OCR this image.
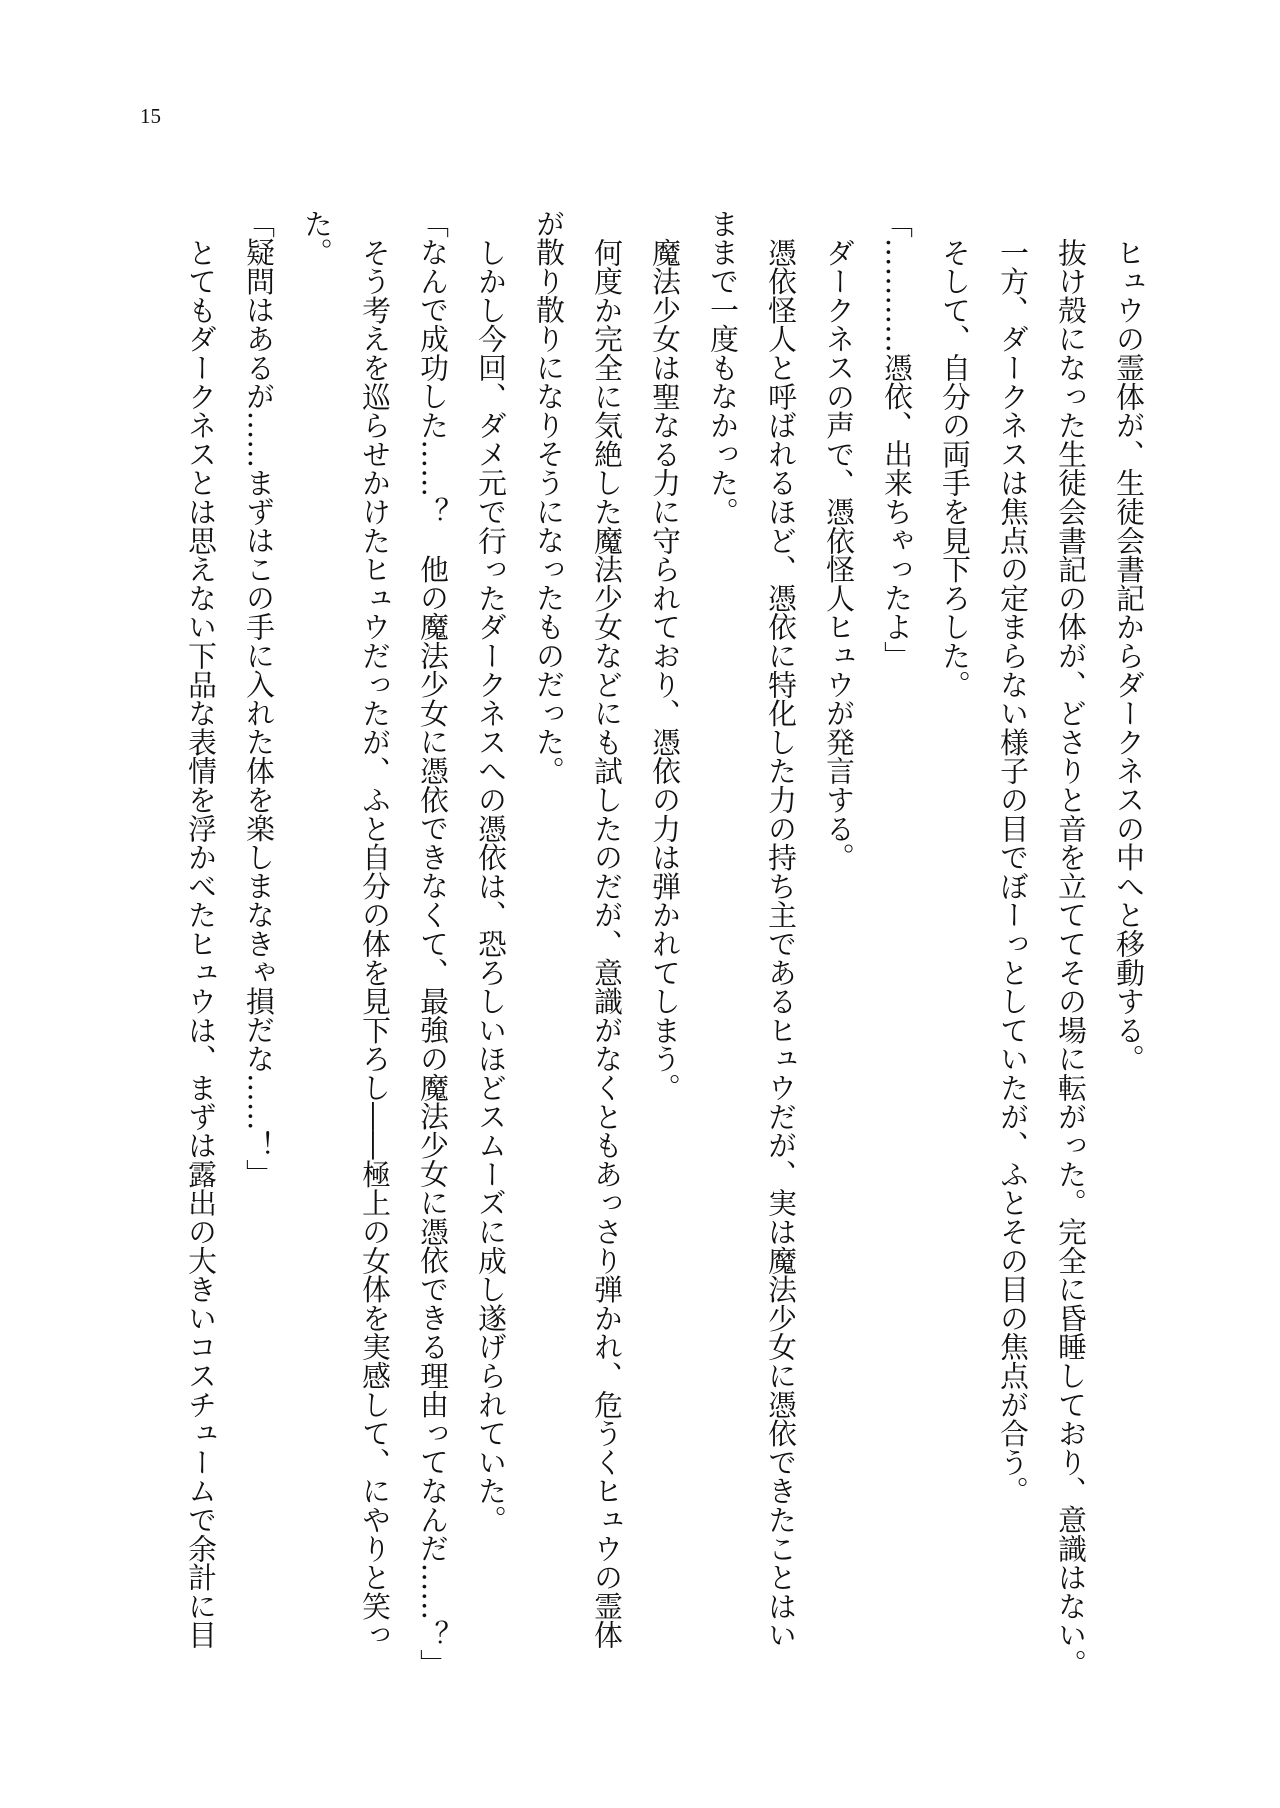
15
ヒュウの霊体が、生徒会書記からダークネスの中へと移動する。
抜け殻になった生徒会書記の体が、どさりと音を立ててその場に転がった。完全に昏睡しており、意識はない。
一方、ダークネスは焦点の定まらない様子の目でぼーっとしていたが、ふとその目の焦点が合う。
そして、自分の両手を見下ろした。
「…………憑依、出来ちゃったよ」
ダークネスの声で、憑依怪人ヒュウが発言する。
憑依怪人と呼ばれるほど、憑依に特化した力の持ち主であるヒュウだが、実は魔法少女に憑依できたことはい
ままで一度もなかった。
魔法少女は聖なる力に守られており、憑依の力は弾かれてしまう。
何度か完全に気絶した魔法少女などにも試したのだが、意識がなくともあっさり弾かれ、危うくヒュウの霊体
が散り散りになりそうになったものだった。
しかし今回、ダメ元で行ったダークネスへの憑依は、恐ろしいほどスムーズに成し遂げられていた。
「なんで成功した……？　他の魔法少女に憑依できなくて、最強の魔法少女に憑依できる理由ってなんだ……？」
そう考えを巡らせかけたヒュウだったが、ふと自分の体を見下ろし――極上の女体を実感して、にやりと笑っ
た。
「疑問はあるが……まずはこの手に入れた体を楽しまなきゃ損だな……！」
とてもダークネスとは思えない下品な表情を浮かべたヒュウは、まずは露出の大きいコスチュームで余計に目
